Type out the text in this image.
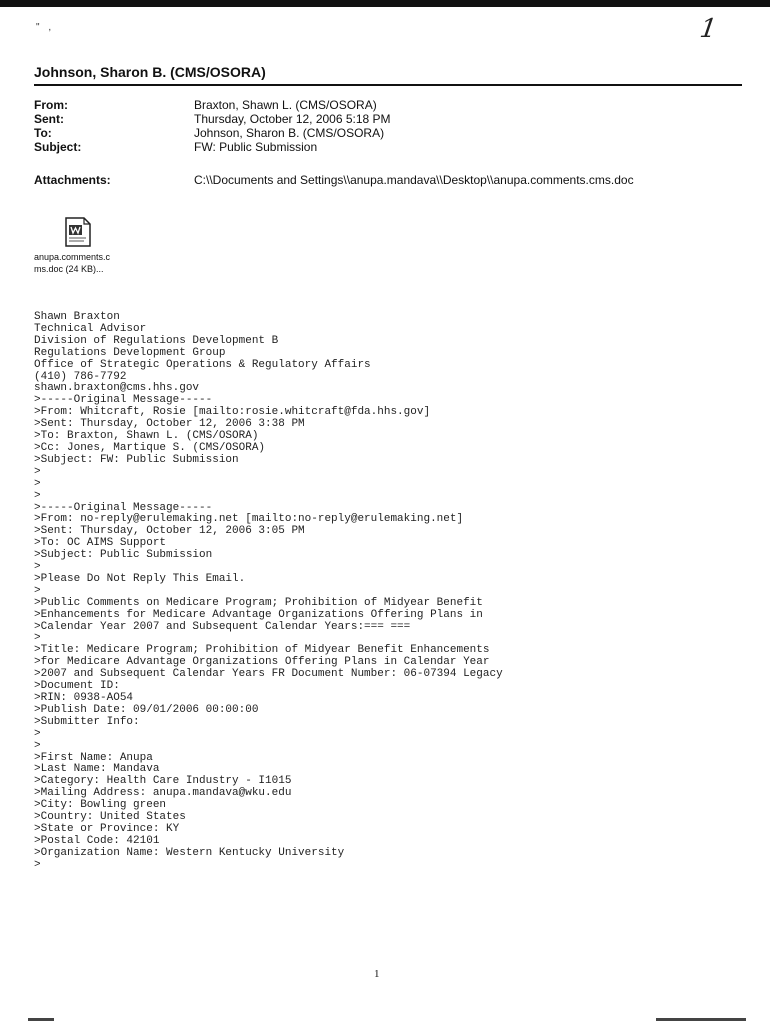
" ,	1
Johnson, Sharon B. (CMS/OSORA)
From:	Braxton, Shawn L. (CMS/OSORA)
Sent:	Thursday, October 12, 2006 5:18 PM
To:	Johnson, Sharon B. (CMS/OSORA)
Subject:	FW: Public Submission
Attachments:	C:\\Documents and Settings\\anupa.mandava\\Desktop\\anupa.comments.cms.doc
anupa.comments.c
ms.doc (24 KB)...
Shawn Braxton
Technical Advisor
Division of Regulations Development B
Regulations Development Group
Office of Strategic Operations & Regulatory Affairs
(410) 786-7792
shawn.braxton@cms.hhs.gov
>-----Original Message-----
>From: Whitcraft, Rosie [mailto:rosie.whitcraft@fda.hhs.gov]
>Sent: Thursday, October 12, 2006 3:38 PM
>To: Braxton, Shawn L. (CMS/OSORA)
>Cc: Jones, Martique S. (CMS/OSORA)
>Subject: FW: Public Submission
>
>
>
>-----Original Message-----
>From: no-reply@erulemaking.net [mailto:no-reply@erulemaking.net]
>Sent: Thursday, October 12, 2006 3:05 PM
>To: OC AIMS Support
>Subject: Public Submission
>
>Please Do Not Reply This Email.
>
>Public Comments on Medicare Program; Prohibition of Midyear Benefit
>Enhancements for Medicare Advantage Organizations Offering Plans in
>Calendar Year 2007 and Subsequent Calendar Years:=== ===
>
>Title: Medicare Program; Prohibition of Midyear Benefit Enhancements
>for Medicare Advantage Organizations Offering Plans in Calendar Year
>2007 and Subsequent Calendar Years FR Document Number: 06-07394 Legacy
>Document ID:
>RIN: 0938-AO54
>Publish Date: 09/01/2006 00:00:00
>Submitter Info:
>
>
>First Name: Anupa
>Last Name: Mandava
>Category: Health Care Industry - I1015
>Mailing Address: anupa.mandava@wku.edu
>City: Bowling green
>Country: United States
>State or Province: KY
>Postal Code: 42101
>Organization Name: Western Kentucky University
>
1
